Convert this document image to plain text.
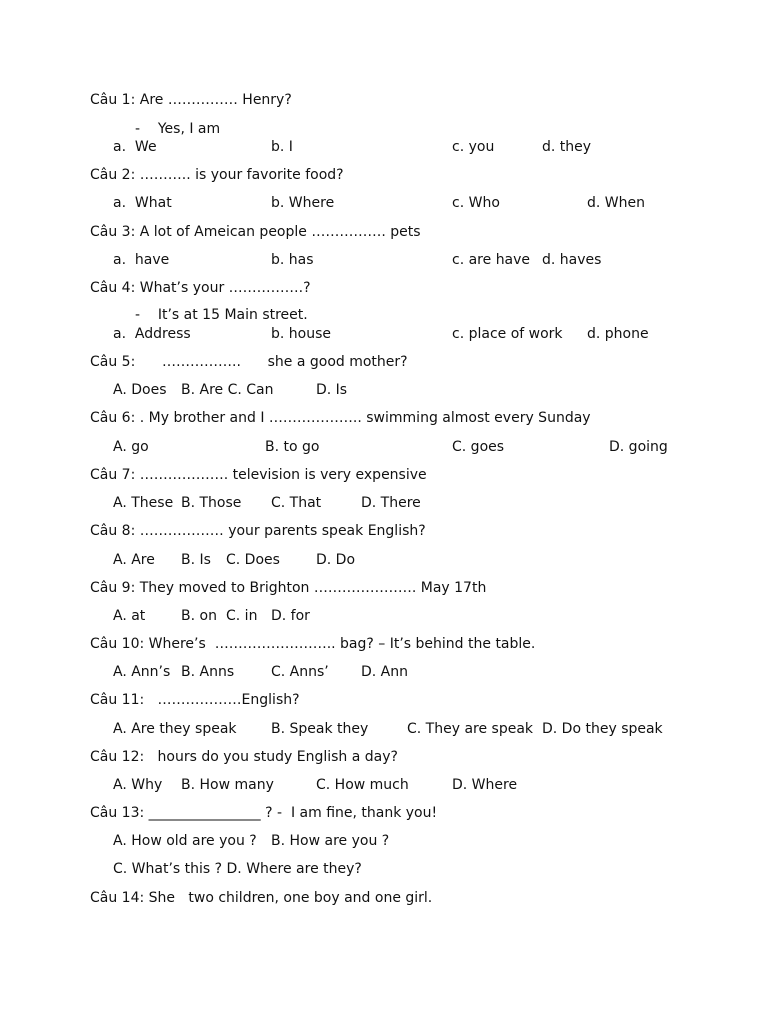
Câu 1: Are …………… Henry?
-    Yes, I am
a.  We	b. I	c. you	d. they
Câu 2: ……….. is your favorite food?
a.  What	b. Where	c. Who	d. When
Câu 3: A lot of Ameican people ……………. pets
a.  have	b. has	c. are have d. haves
Câu 4: What’s your …………….?
-    It’s at 15 Main street.
a.  Address	b. house	c. place of work d. phone
Câu 5:      ……………..      she a good mother?
A. Does B. Are C. Can	D. Is
Câu 6: . My brother and I ……………….. swimming almost every Sunday
A. go	B. to go	C. goes	D. going
Câu 7: ………………. television is very expensive
A. These B. Those C. That	D. There
Câu 8: ……………… your parents speak English?
A. Are B. Is C. Does	D. Do
Câu 9: They moved to Brighton …………………. May 17th
A. at	B. on C. in D. for
Câu 10: Where’s  …………………….. bag? – It’s behind the table.
A. Ann’s B. Anns	C. Anns’ D. Ann
Câu 11:   ………………English?
A. Are they speak B. Speak they	C. They are speak D. Do they speak
Câu 12:   hours do you study English a day?
A. Why B. How many	C. How much	D. Where
Câu 13: ________________ ? -  I am fine, thank you!
A. How old are you ? B. How are you ?
C. What’s this ? D. Where are they?
Câu 14: She   two children, one boy and one girl.
